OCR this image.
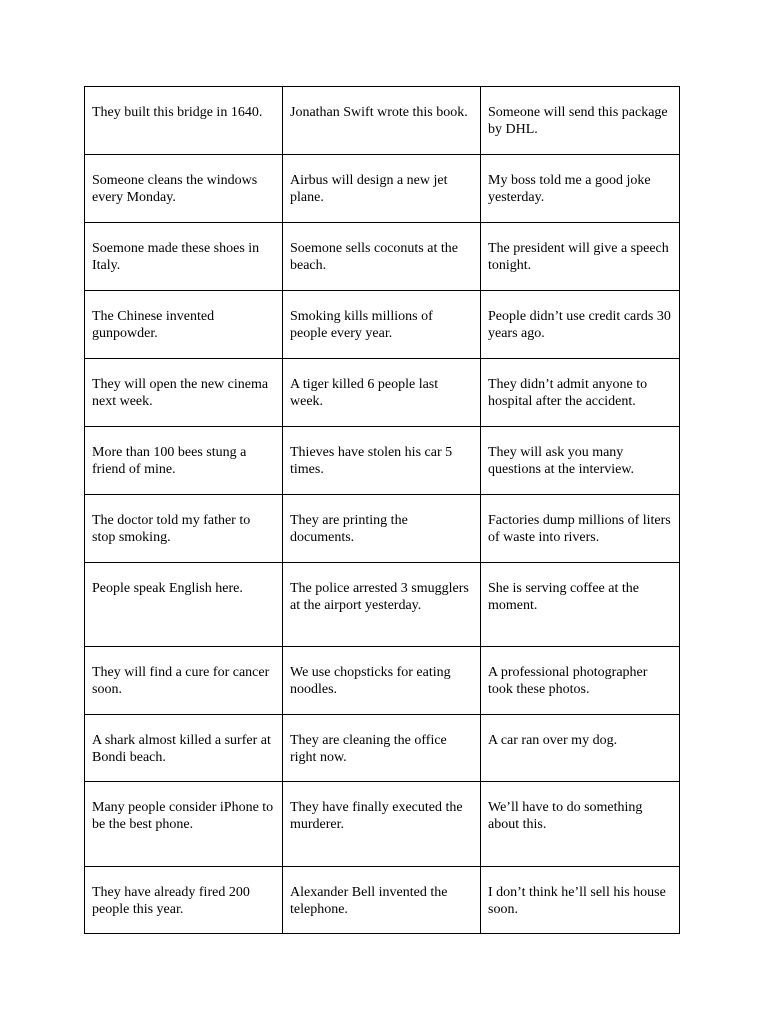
They built this bridge in 1640.	Jonathan Swift wrote this book.	Someone will send this package by DHL.
Someone cleans the windows every Monday.	Airbus will design a new jet plane.	My boss told me a good joke yesterday.
Soemone made these shoes in Italy.	Soemone sells coconuts at the beach.	The president will give a speech tonight.
The Chinese invented gunpowder.	Smoking kills millions of people every year.	People didn’t use credit cards 30 years ago.
They will open the new cinema next week.	A tiger killed 6 people last week.	They didn’t admit anyone to hospital after the accident.
More than 100 bees stung a friend of mine.	Thieves have stolen his car 5 times.	They will ask you many questions at the interview.
The doctor told my father to stop smoking.	They are printing the documents.	Factories dump millions of liters of waste into rivers.
People speak English here.	The police arrested 3 smugglers at the airport yesterday.	She is serving coffee at the moment.
They will find a cure for cancer soon.	We use chopsticks for eating noodles.	A professional photographer took these photos.
A shark almost killed a surfer at Bondi beach.	They are cleaning the office right now.	A car ran over my dog.
Many people consider iPhone to be the best phone.	They have finally executed the murderer.	We’ll have to do something about this.
They have already fired 200 people this year.	Alexander Bell invented the telephone.	I don’t think he’ll sell his house soon.
